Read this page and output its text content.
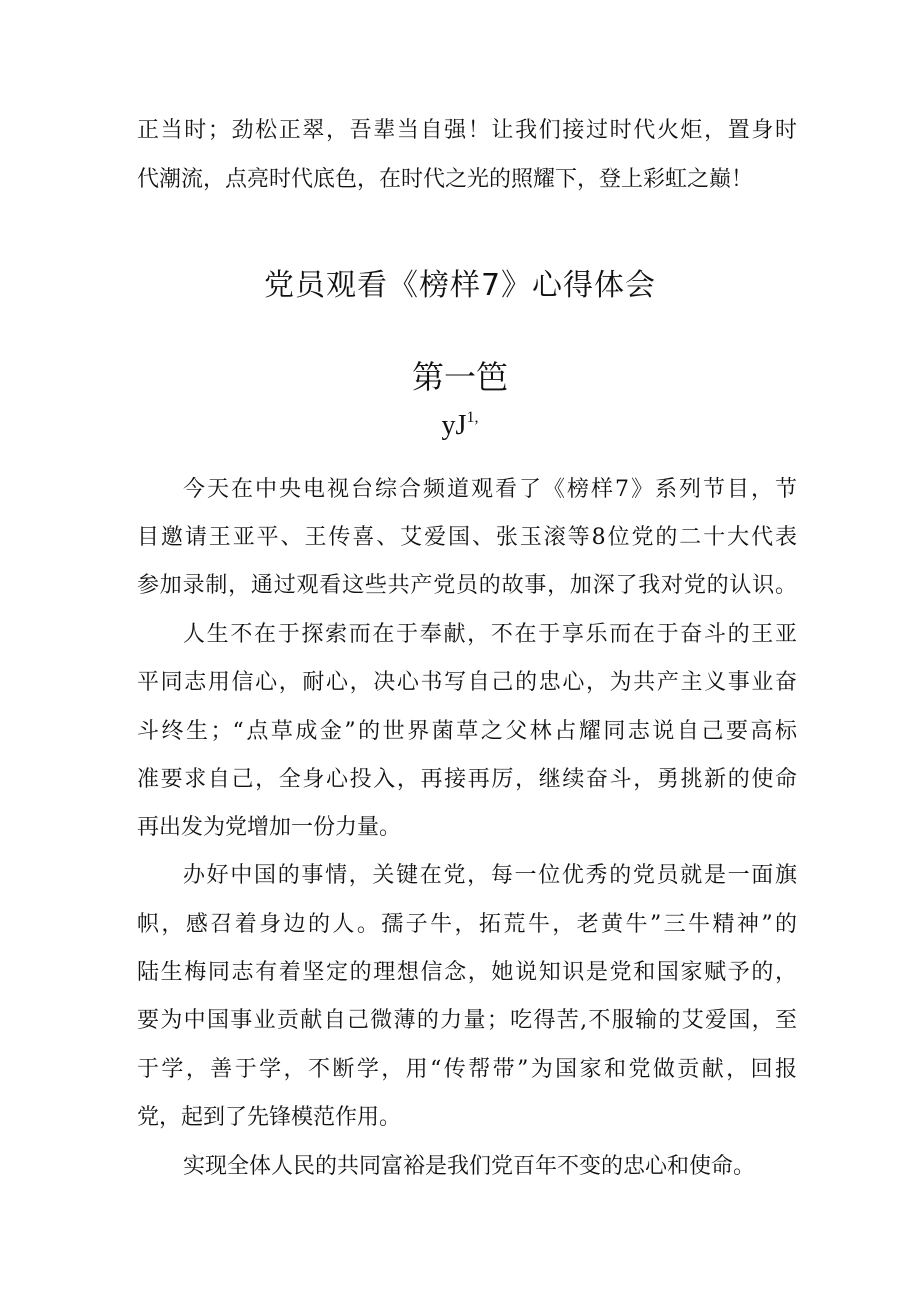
正当时；劲松正翠，吾辈当自强！让我们接过时代火炬，置身时
代潮流，点亮时代底色，在时代之光的照耀下，登上彩虹之巅！
党员观看《榜样7》心得体会
第一笆
$yJ^{1,}$
今天在中央电视台综合频道观看了《榜样7》系列节目，节
目邀请王亚平、王传喜、艾爱国、张玉滚等8位党的二十大代表
参加录制，通过观看这些共产党员的故事，加深了我对党的认识。
人生不在于探索而在于奉献，不在于享乐而在于奋斗的王亚
平同志用信心，耐心，决心书写自己的忠心，为共产主义事业奋
斗终生；“点草成金”的世界菌草之父林占耀同志说自己要高标
准要求自己，全身心投入，再接再厉，继续奋斗，勇挑新的使命
再出发为党增加一份力量。
办好中国的事情，关键在党，每一位优秀的党员就是一面旗
帜，感召着身边的人。孺子牛，拓荒牛，老黄牛”三牛精神”的
陆生梅同志有着坚定的理想信念，她说知识是党和国家赋予的，
要为中国事业贡献自己微薄的力量；吃得苦,不服输的艾爱国，至
于学，善于学，不断学，用“传帮带”为国家和党做贡献，回报
党，起到了先锋模范作用。
实现全体人民的共同富裕是我们党百年不变的忠心和使命。
